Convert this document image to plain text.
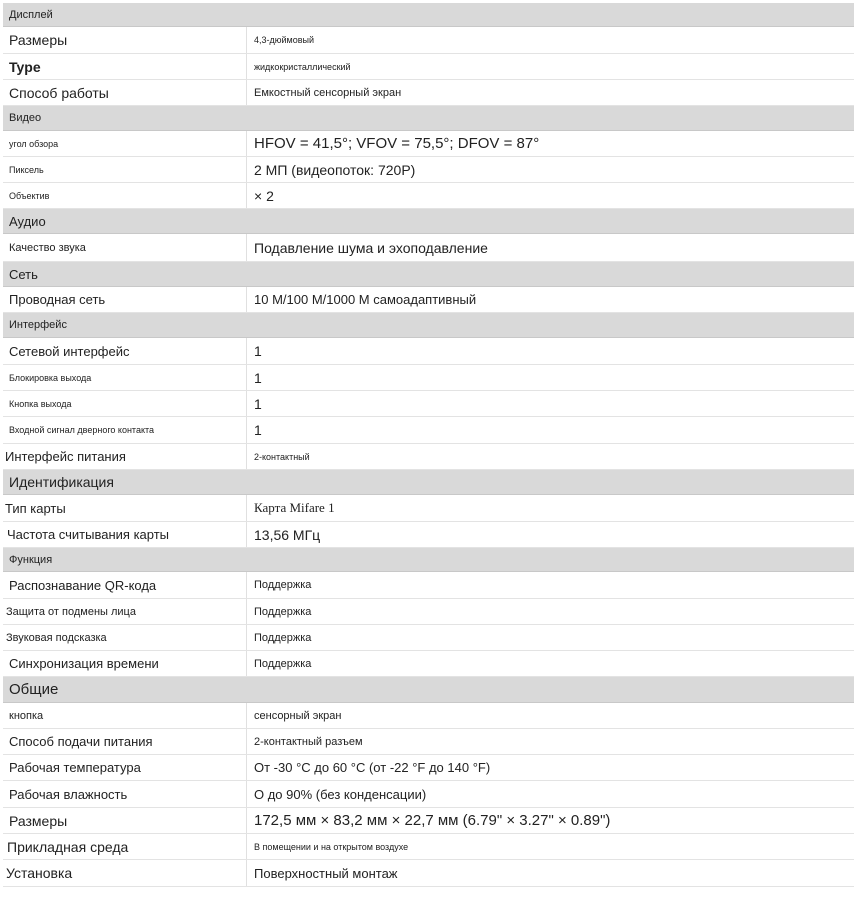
Дисплей
Размеры	4,3-дюймовый
Type	жидкокристаллический
Способ работы	Емкостный сенсорный экран
Видео
угол обзора	HFOV = 41,5°; VFOV = 75,5°; DFOV = 87°
Пиксель	2 МП (видеопоток: 720P)
Объектив	× 2
Аудио
Качество звука	Подавление шума и эхоподавление
Сеть
Проводная сеть	10 М/100 М/1000 М самоадаптивный
Интерфейс
Сетевой интерфейс	1
Блокировка выхода	1
Кнопка выхода	1
Входной сигнал дверного контакта	1
Интерфейс питания	2-контактный
Идентификация
Тип карты	Карта Mifare 1
Частота считывания карты	13,56 МГц
Функция
Распознавание QR-кода	Поддержка
Защита от подмены лица	Поддержка
Звуковая подсказка	Поддержка
Синхронизация времени	Поддержка
Общие
кнопка	сенсорный экран
Способ подачи питания	2-контактный разъем
Рабочая температура	От -30 °C до 60 °C (от -22 °F до 140 °F)
Рабочая влажность	О до 90% (без конденсации)
Размеры	172,5 мм × 83,2 мм × 22,7 мм (6.79" × 3.27" × 0.89")
Прикладная среда	В помещении и на открытом воздухе
Установка	Поверхностный монтаж
